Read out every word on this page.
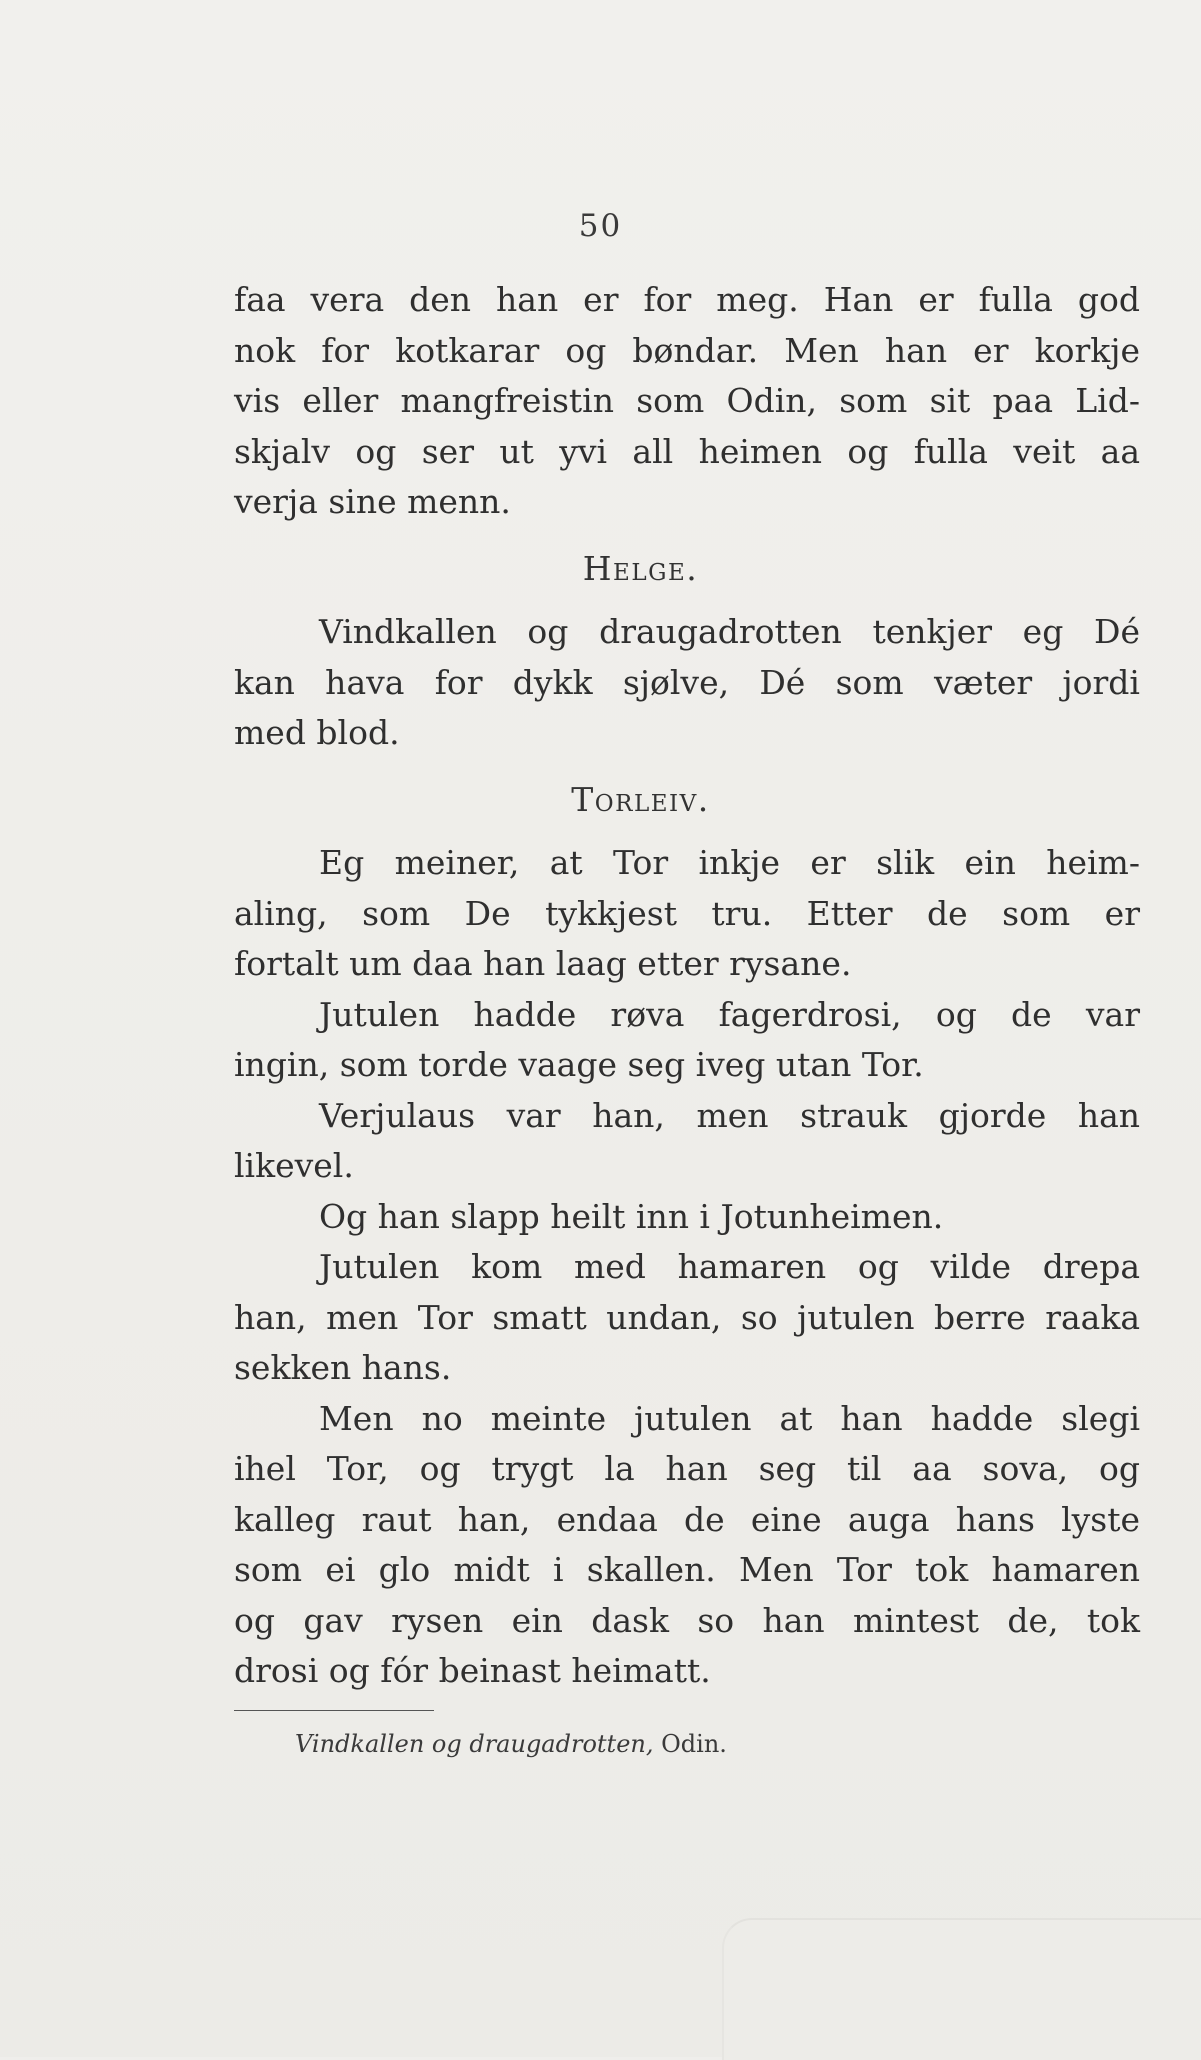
50
faa vera den han er for meg. Han er fulla god
nok for kotkarar og bøndar. Men han er korkje
vis eller mangfreistin som Odin, som sit paa Lid-
skjalv og ser ut yvi all heimen og fulla veit aa
verja sine menn.
Helge.
Vindkallen og draugadrotten tenkjer eg Dé
kan hava for dykk sjølve, Dé som væter jordi
med blod.
Torleiv.
Eg meiner, at Tor inkje er slik ein heim-
aling, som De tykkjest tru. Etter de som er
fortalt um daa han laag etter rysane.
Jutulen hadde røva fagerdrosi, og de var
ingin, som torde vaage seg iveg utan Tor.
Verjulaus var han, men strauk gjorde han
likevel.
Og han slapp heilt inn i Jotunheimen.
Jutulen kom med hamaren og vilde drepa
han, men Tor smatt undan, so jutulen berre raaka
sekken hans.
Men no meinte jutulen at han hadde slegi
ihel Tor, og trygt la han seg til aa sova, og
kalleg raut han, endaa de eine auga hans lyste
som ei glo midt i skallen. Men Tor tok hamaren
og gav rysen ein dask so han mintest de, tok
drosi og fór beinast heimatt.
Vindkallen og draugadrotten, Odin.
